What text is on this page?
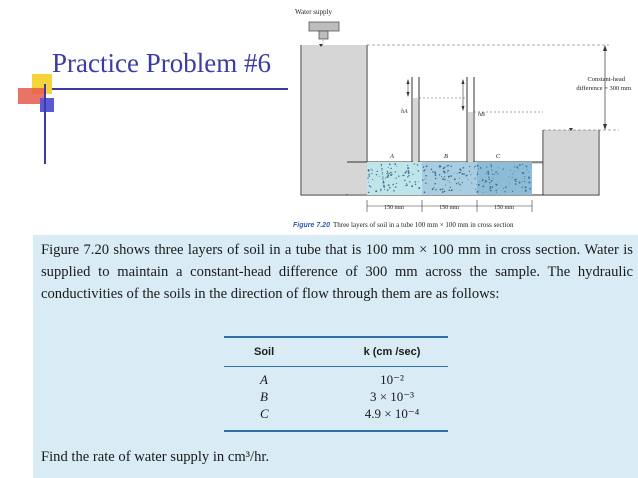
Practice Problem #6
Water supply
Constant-head
difference = 300 mm
hA	hB
A	B	C
150 mm	150 mm	150 mm
Figure 7.20 Three layers of soil in a tube 100 mm × 100 mm in cross section
Figure 7.20 shows three layers of soil in a tube that is 100 mm × 100 mm in cross section. Water is supplied to maintain a constant-head difference of 300 mm across the sample. The hydraulic conductivities of the soils in the direction of flow through them are as follows:
Soil	k (cm /sec)
A	10⁻²
B	3 × 10⁻³
C	4.9 × 10⁻⁴
Find the rate of water supply in cm³/hr.
